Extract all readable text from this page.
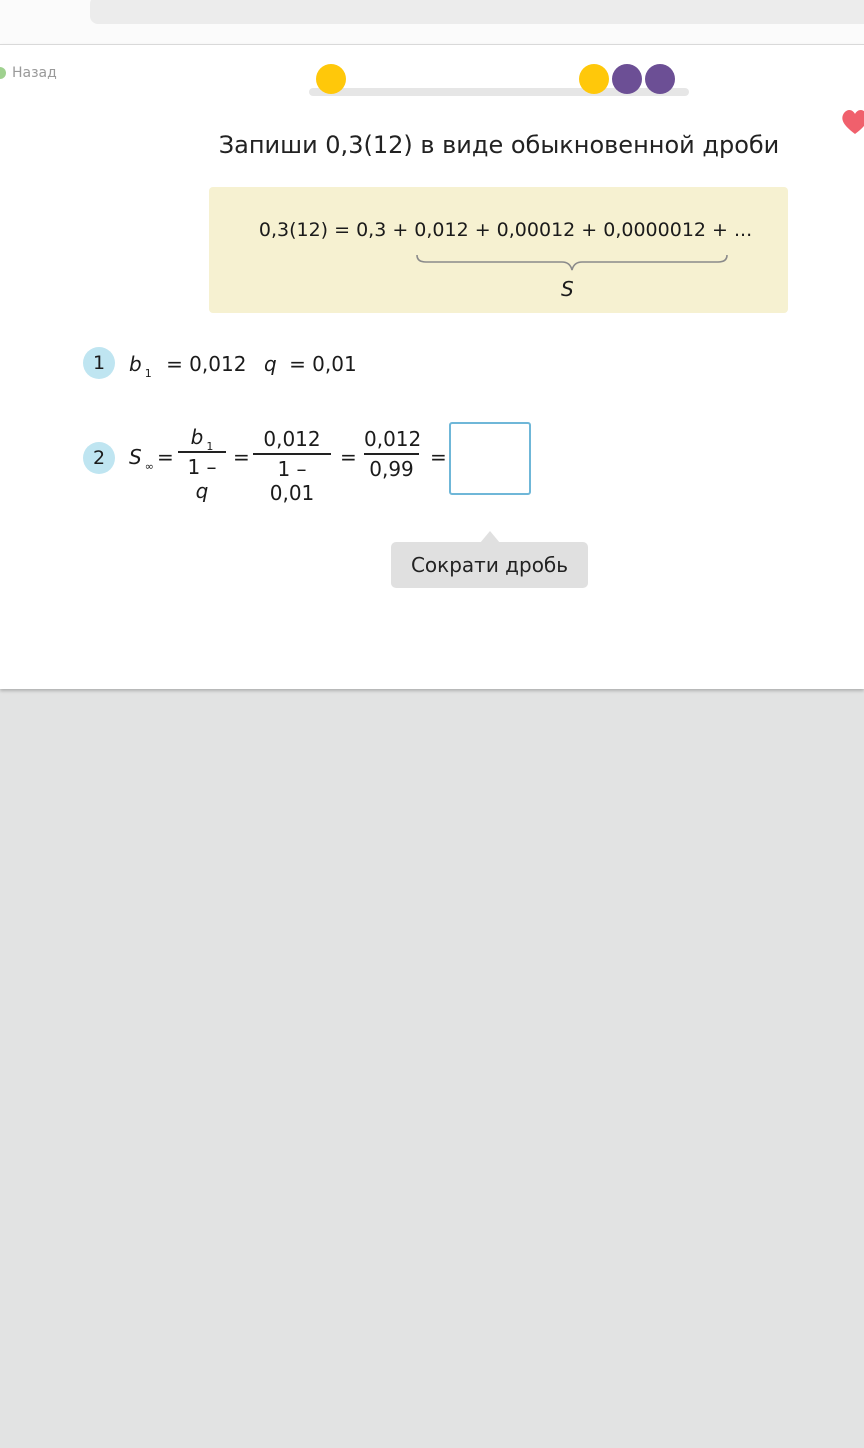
Назад
Запиши 0,3(12) в виде обыкновенной дроби
0,3(12) = 0,3 + 0,012 + 0,00012 + 0,0000012 + ...
S
1	b $_1$ = 0,012 q = 0,01
2	S $_\infty$ =
b $_1$
1 – q
=
0,012
1 – 0,01
=
0,012
0,99 =
Сократи дробь
